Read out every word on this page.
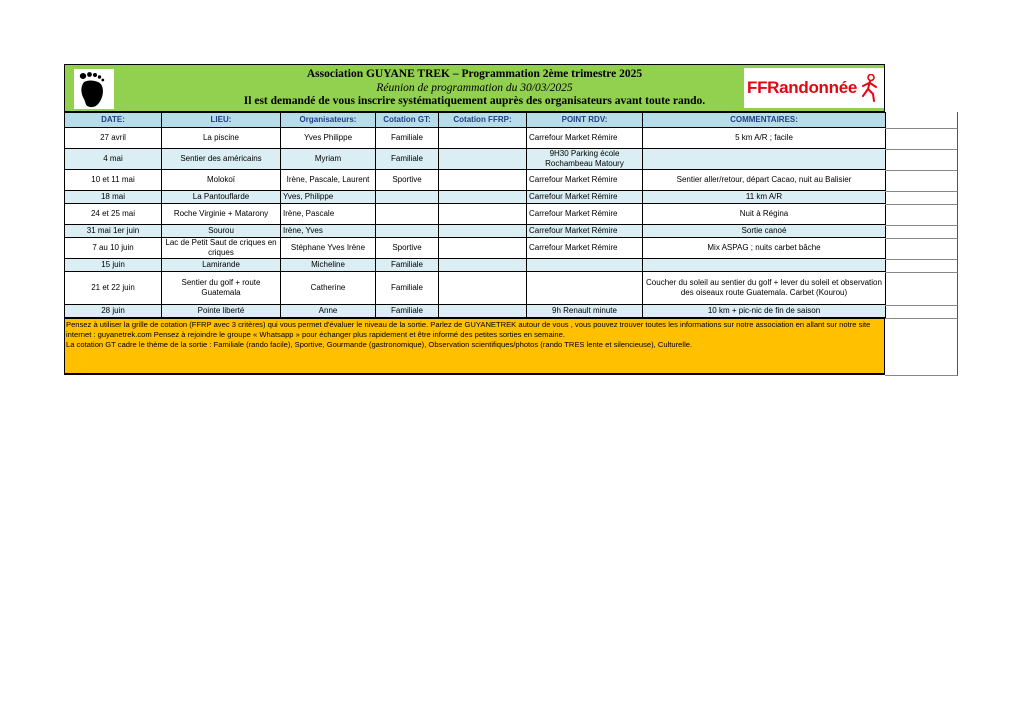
Association GUYANE TREK – Programmation 2ème trimestre 2025
Réunion de programmation du 30/03/2025
Il est demandé de vous inscrire systématiquement auprès des organisateurs avant toute rando.
FFRandonnée
DATE:	LIEU:	Organisateurs:	Cotation GT:	Cotation FFRP:	POINT RDV:	COMMENTAIRES:
27 avril	La piscine	Yves Philippe	Familiale		Carrefour Market Rémire	5 km A/R ; facile
4 mai	Sentier des américains	Myriam	Familiale		9H30 Parking école Rochambeau Matoury	
10 et 11 mai	Molokoï	Irène, Pascale, Laurent	Sportive		Carrefour Market Rémire	Sentier aller/retour, départ Cacao, nuit au Balisier
18 mai	La Pantouflarde	Yves, Philippe			Carrefour Market Rémire	11 km A/R
24 et 25 mai	Roche Virginie + Matarony	Irène, Pascale			Carrefour Market Rémire	Nuit à Régina
31 mai 1er juin	Sourou	Irène, Yves			Carrefour Market Rémire	Sortie canoé
7 au 10 juin	Lac de Petit Saut de criques en criques	Stéphane Yves Irène	Sportive		Carrefour Market Rémire	Mix ASPAG ; nuits carbet bâche
15 juin	Lamirande	Micheline	Familiale			
21 et 22 juin	Sentier du golf + route Guatemala	Catherine	Familiale			Coucher du soleil au sentier du golf + lever du soleil et observation des oiseaux route Guatemala. Carbet (Kourou)
28 juin	Pointe liberté	Anne	Familiale		9h Renault minute	10 km + pic-nic de fin de saison
Pensez à utiliser la grille de cotation (FFRP avec 3 critères) qui vous permet d'évaluer le niveau de la sortie. Parlez de GUYANETREK autour de vous , vous pouvez trouver toutes les informations sur notre association en allant sur notre site internet : guyanetrek.com Pensez à rejoindre le groupe « Whatsapp » pour échanger plus rapidement et être informé des petites sorties en semaine.
La cotation GT cadre le thème de la sortie : Familiale (rando facile), Sportive, Gourmande (gastronomique), Observation scientifiques/photos (rando TRES lente et silencieuse), Culturelle.
